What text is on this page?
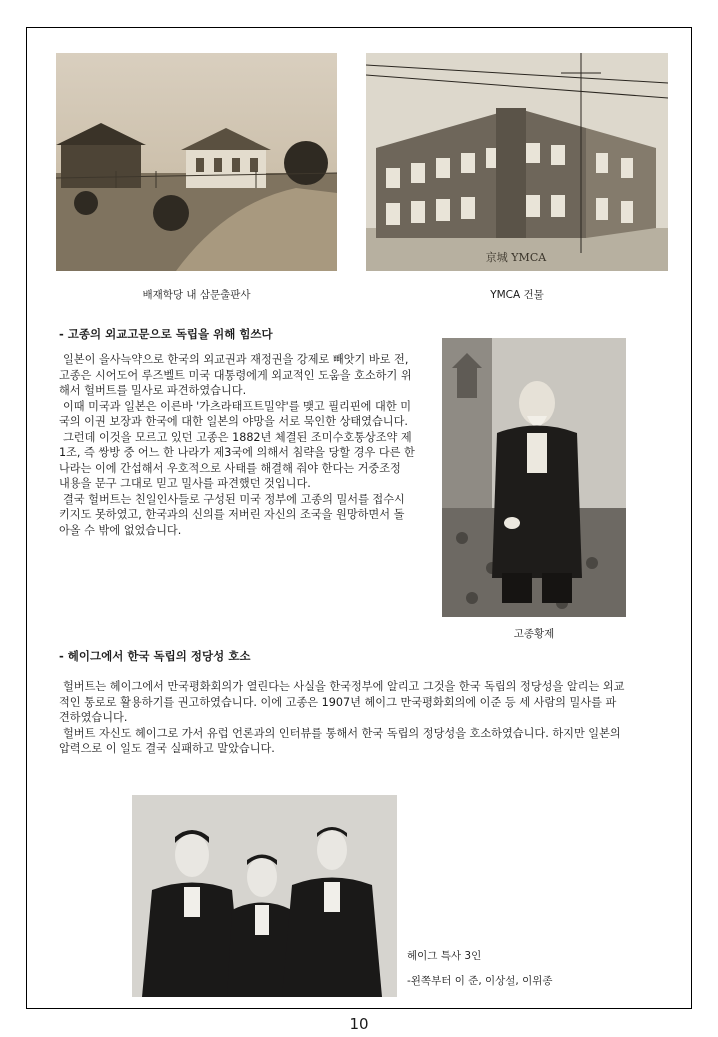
배재학당 내 삼문출판사
京城 YMCA
YMCA 건물
- 고종의 외교고문으로 독립을 위해 힘쓰다

일본이 을사늑약으로 한국의 외교권과 재정권을 강제로 빼앗기 바로 전, 고종은 시어도어 루즈벨트 미국 대통령에게 외교적인 도움을 호소하기 위해서 헐버트를 밀사로 파견하였습니다.

이때 미국과 일본은 이른바 '가츠라태프트밀약'를 맺고 필리핀에 대한 미국의 이권 보장과 한국에 대한 일본의 야망을 서로 묵인한 상태였습니다.

그런데 이것을 모르고 있던 고종은 1882년 체결된 조미수호통상조약 제1조, 즉 쌍방 중 어느 한 나라가 제3국에 의해서 침략을 당할 경우 다른 한 나라는 이에 간섭해서 우호적으로 사태를 해결해 줘야 한다는 거중조정 내용을 문구 그대로 믿고 밀사를 파견했던 것입니다.

결국 헐버트는 친일인사들로 구성된 미국 정부에 고종의 밀서를 접수시키지도 못하였고, 한국과의 신의를 저버린 자신의 조국을 원망하면서 돌아올 수 밖에 없었습니다.

고종황제
- 헤이그에서 한국 독립의 정당성 호소

헐버트는 헤이그에서 만국평화회의가 열린다는 사실을 한국정부에 알리고 그것을 한국 독립의 정당성을 알리는 외교적인 통로로 활용하기를 권고하였습니다. 이에 고종은 1907년 헤이그 만국평화회의에 이준 등 세 사람의 밀사를 파견하였습니다.

헐버트 자신도 헤이그로 가서 유럽 언론과의 인터뷰를 통해서 한국 독립의 정당성을 호소하였습니다. 하지만 일본의 압력으로 이 일도 결국 실패하고 말았습니다.

헤이그 특사 3인
-왼쪽부터 이 준, 이상설, 이위종
10
